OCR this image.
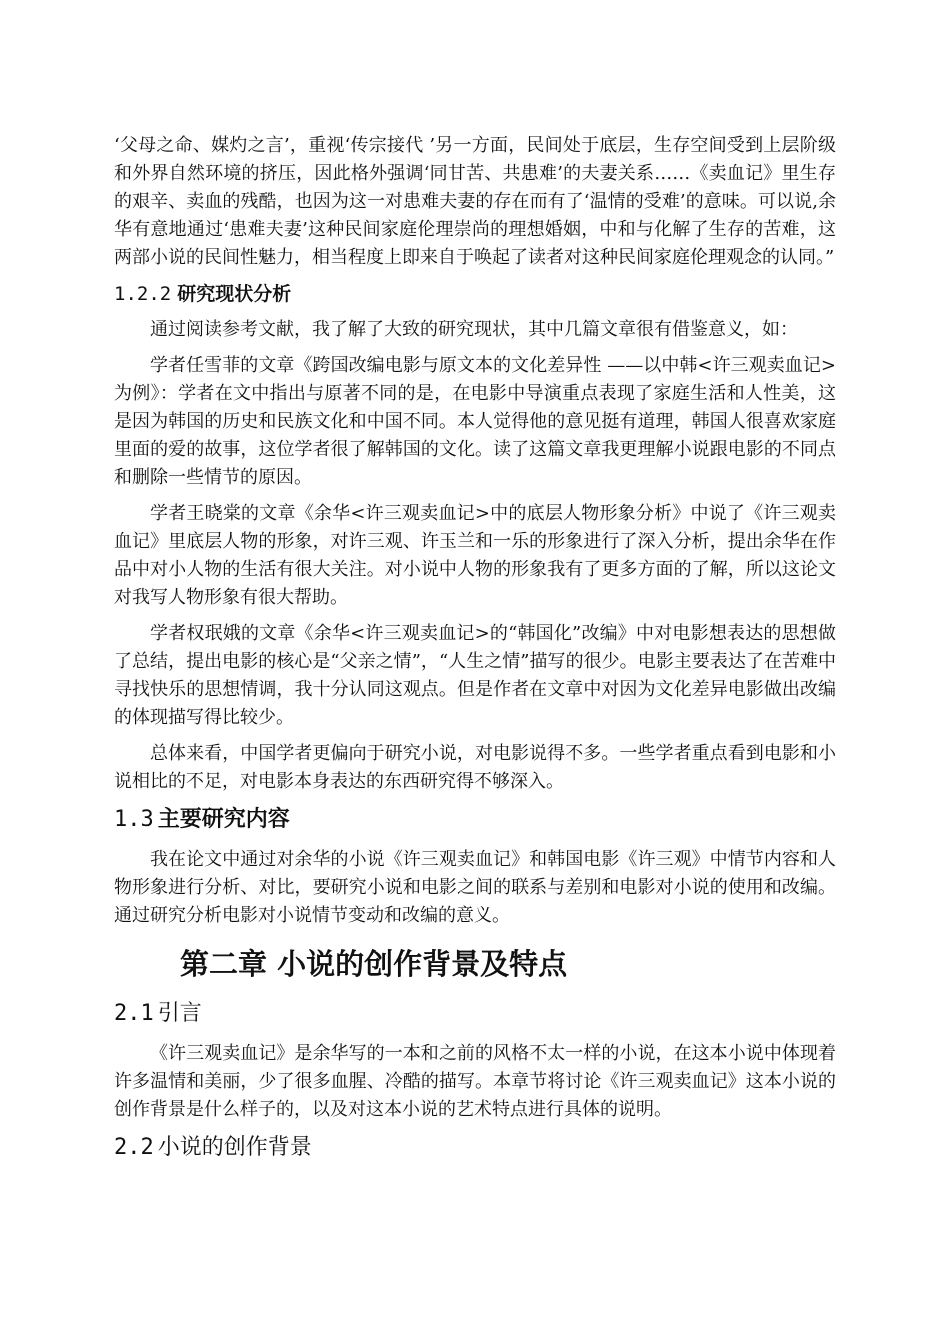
‘父母之命、媒灼之言’，重视‘传宗接代 ’另一方面，民间处于底层，生存空间受到上层阶级和外界自然环境的挤压，因此格外强调‘同甘苦、共患难’的夫妻关系……《卖血记》里生存的艰辛、卖血的残酷，也因为这一对患难夫妻的存在而有了‘温情的受难’的意味。可以说,余华有意地通过‘患难夫妻’这种民间家庭伦理崇尚的理想婚姻，中和与化解了生存的苦难，这两部小说的民间性魅力，相当程度上即来自于唤起了读者对这种民间家庭伦理观念的认同。”

1.2.2 研究现状分析

通过阅读参考文献，我了解了大致的研究现状，其中几篇文章很有借鉴意义，如：

学者任雪菲的文章《跨国改编电影与原文本的文化差异性 ——以中韩<许三观卖血记>为例》：学者在文中指出与原著不同的是，在电影中导演重点表现了家庭生活和人性美，这是因为韩国的历史和民族文化和中国不同。本人觉得他的意见挺有道理，韩国人很喜欢家庭里面的爱的故事，这位学者很了解韩国的文化。读了这篇文章我更理解小说跟电影的不同点和删除一些情节的原因。

学者王晓棠的文章《余华<许三观卖血记>中的底层人物形象分析》中说了《许三观卖血记》里底层人物的形象，对许三观、许玉兰和一乐的形象进行了深入分析，提出余华在作品中对小人物的生活有很大关注。对小说中人物的形象我有了更多方面的了解，所以这论文对我写人物形象有很大帮助。

学者权珉娥的文章《余华<许三观卖血记>的“韩国化”改编》中对电影想表达的思想做了总结，提出电影的核心是“父亲之情”，“人生之情”描写的很少。电影主要表达了在苦难中寻找快乐的思想情调，我十分认同这观点。但是作者在文章中对因为文化差异电影做出改编的体现描写得比较少。

总体来看，中国学者更偏向于研究小说，对电影说得不多。一些学者重点看到电影和小说相比的不足，对电影本身表达的东西研究得不够深入。

1.3 主要研究内容

我在论文中通过对余华的小说《许三观卖血记》和韩国电影《许三观》中情节内容和人物形象进行分析、对比，要研究小说和电影之间的联系与差别和电影对小说的使用和改编。通过研究分析电影对小说情节变动和改编的意义。

第二章 小说的创作背景及特点
2.1 引言

《许三观卖血记》是余华写的一本和之前的风格不太一样的小说，在这本小说中体现着许多温情和美丽，少了很多血腥、冷酷的描写。本章节将讨论《许三观卖血记》这本小说的创作背景是什么样子的，以及对这本小说的艺术特点进行具体的说明。

2.2 小说的创作背景
